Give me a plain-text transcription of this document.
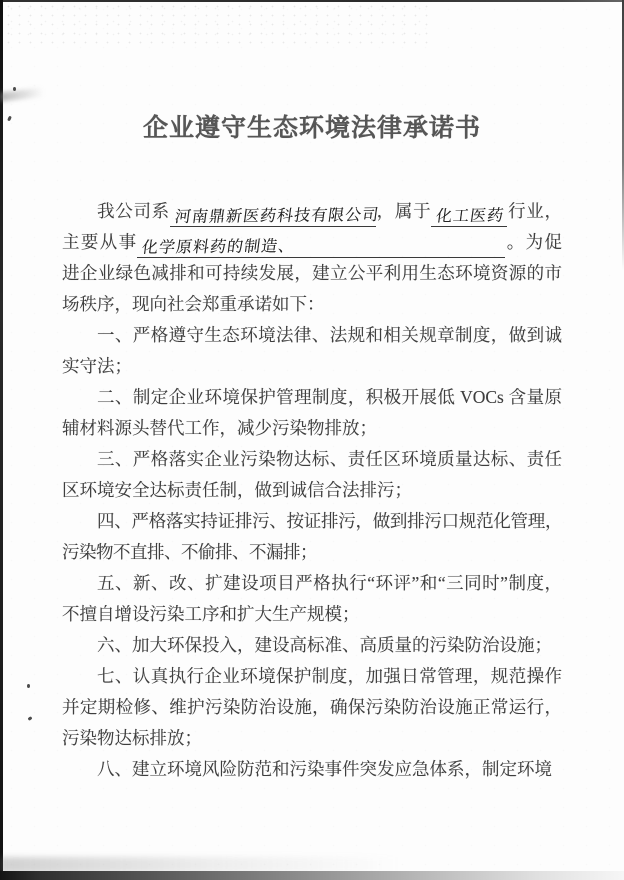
企业遵守生态环境法律承诺书

我公司系 河南鼎新医药科技有限公司，属于 化工医药 行业，主要从事 化学原料药的制造、	。为促进企业绿色减排和可持续发展，建立公平利用生态环境资源的市场秩序，现向社会郑重承诺如下：

一、严格遵守生态环境法律、法规和相关规章制度，做到诚实守法；

二、制定企业环境保护管理制度，积极开展低 VOCs 含量原辅材料源头替代工作，减少污染物排放；

三、严格落实企业污染物达标、责任区环境质量达标、责任区环境安全达标责任制，做到诚信合法排污；

四、严格落实持证排污、按证排污，做到排污口规范化管理，污染物不直排、不偷排、不漏排；

五、新、改、扩建设项目严格执行“环评”和“三同时”制度，不擅自增设污染工序和扩大生产规模；

六、加大环保投入，建设高标准、高质量的污染防治设施；

七、认真执行企业环境保护制度，加强日常管理，规范操作并定期检修、维护污染防治设施，确保污染防治设施正常运行，污染物达标排放；

八、建立环境风险防范和污染事件突发应急体系，制定环境
